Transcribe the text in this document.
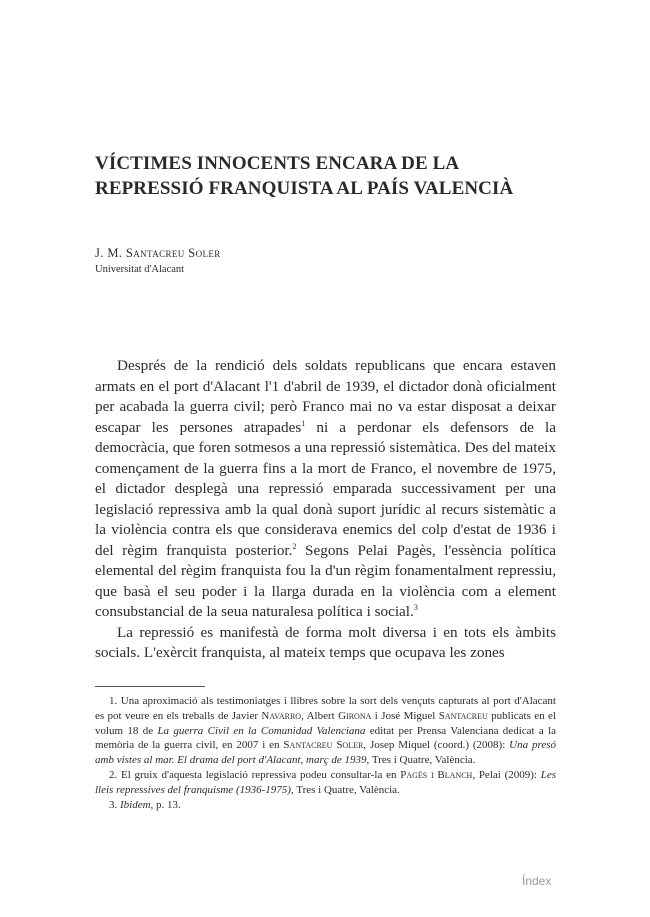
VÍCTIMES INNOCENTS ENCARA DE LA REPRESSIÓ FRANQUISTA AL PAÍS VALENCIÀ
J. M. Santacreu Soler
Universitat d'Alacant

Després de la rendició dels soldats republicans que encara estaven armats en el port d'Alacant l'1 d'abril de 1939, el dictador donà oficialment per acabada la guerra civil; però Franco mai no va estar disposat a deixar escapar les persones atrapades$^1$ ni a perdonar els defensors de la democràcia, que foren sotmesos a una repressió sistemàtica. Des del mateix començament de la guerra fins a la mort de Franco, el novembre de 1975, el dictador desplegà una repressió emparada successivament per una legislació repressiva amb la qual donà suport jurídic al recurs sistemàtic a la violència contra els que considerava enemics del colp d'estat de 1936 i del règim franquista posterior.$^2$ Segons Pelai Pagès, l'essència política elemental del règim franquista fou la d'un règim fonamentalment repressiu, que basà el seu poder i la llarga durada en la violència com a element consubstancial de la seua naturalesa política i social.$^3$

La repressió es manifestà de forma molt diversa i en tots els àmbits socials. L'exèrcit franquista, al mateix temps que ocupava les zones

1. Una aproximació als testimoniatges i llibres sobre la sort dels vençuts capturats al port d'Alacant es pot veure en els treballs de Javier Navarro, Albert Girona i José Miguel Santacreu publicats en el volum 18 de La guerra Civil en la Comunidad Valenciana editat per Prensa Valenciana dedicat a la memòria de la guerra civil, en 2007 i en Santacreu Soler, Josep Miquel (coord.) (2008): Una presó amb vistes al mar. El drama del port d'Alacant, març de 1939, Tres i Quatre, València.

2. El gruix d'aquesta legislació repressiva podeu consultar-la en Pagès i Blanch, Pelai (2009): Les lleis repressives del franquisme (1936-1975), Tres i Quatre, València.

3. Ibidem, p. 13.

Índex
